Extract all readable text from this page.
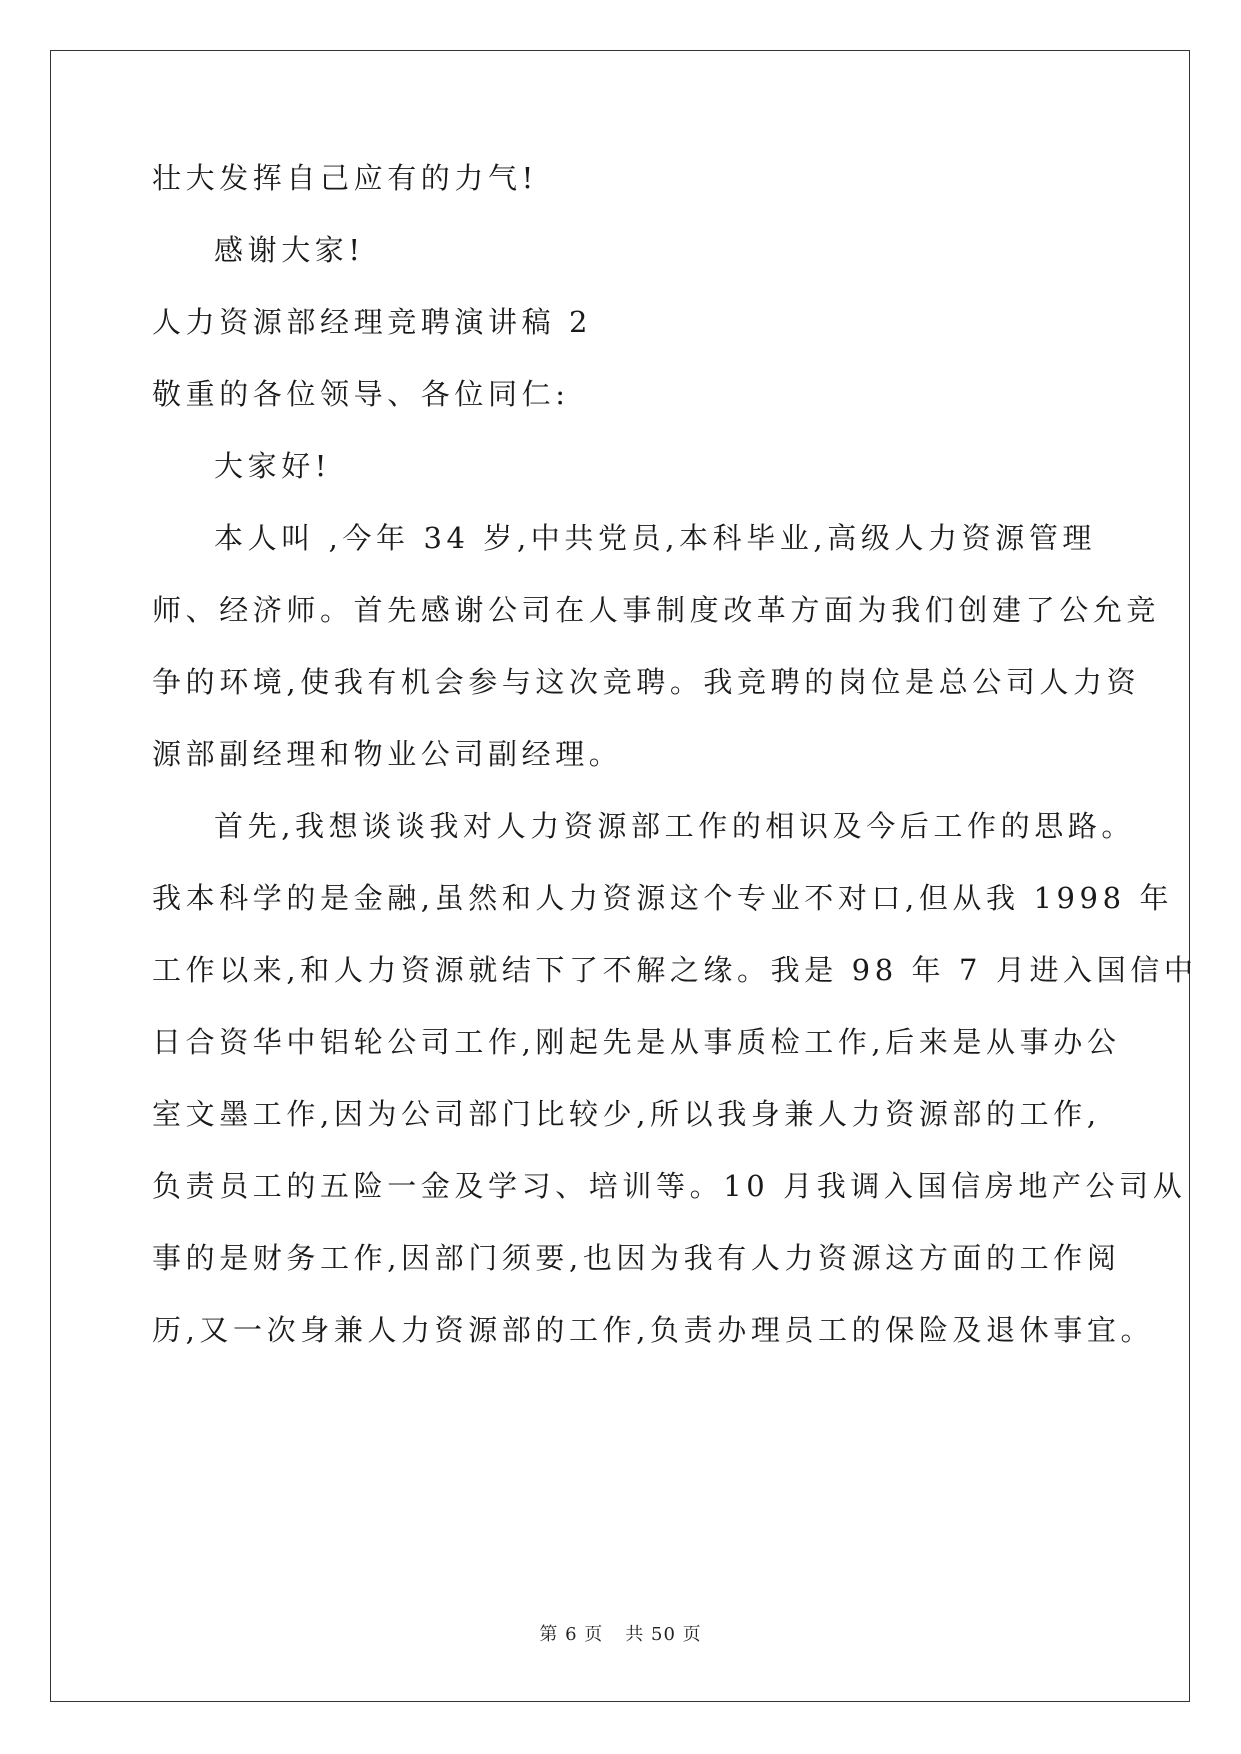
壮大发挥自己应有的力气!
感谢大家!
人力资源部经理竞聘演讲稿 2
敬重的各位领导、各位同仁:
大家好!
本人叫 ,今年 34 岁,中共党员,本科毕业,高级人力资源管理
师、经济师。首先感谢公司在人事制度改革方面为我们创建了公允竞
争的环境,使我有机会参与这次竞聘。我竞聘的岗位是总公司人力资
源部副经理和物业公司副经理。
首先,我想谈谈我对人力资源部工作的相识及今后工作的思路。
我本科学的是金融,虽然和人力资源这个专业不对口,但从我 1998 年
工作以来,和人力资源就结下了不解之缘。我是 98 年 7 月进入国信中
日合资华中铝轮公司工作,刚起先是从事质检工作,后来是从事办公
室文墨工作,因为公司部门比较少,所以我身兼人力资源部的工作,
负责员工的五险一金及学习、培训等。10 月我调入国信房地产公司从
事的是财务工作,因部门须要,也因为我有人力资源这方面的工作阅
历,又一次身兼人力资源部的工作,负责办理员工的保险及退休事宜。
第 6 页 共 50 页
